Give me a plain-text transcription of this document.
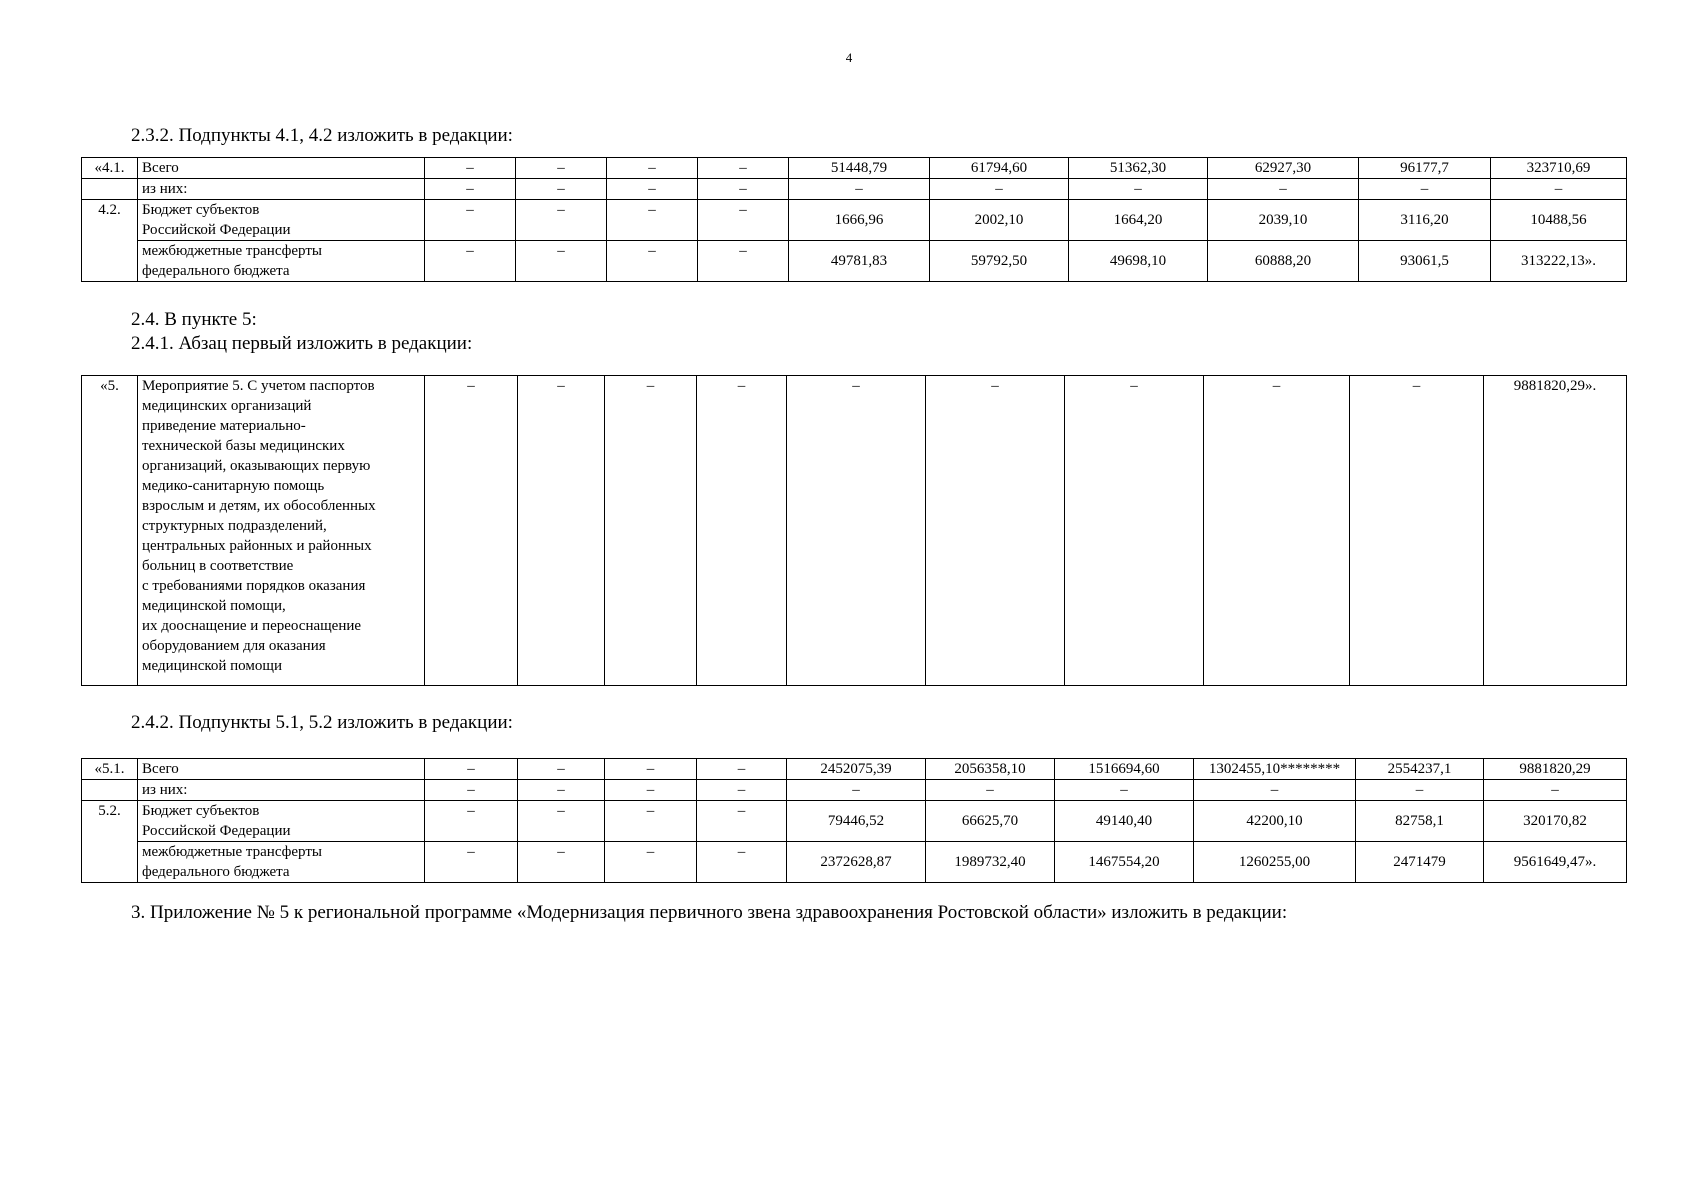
4
2.3.2. Подпункты 4.1, 4.2 изложить в редакции:
«4.1.	Всего	–	–	–	–	51448,79	61794,60	51362,30	62927,30	96177,7	323710,69
	из них:	–	–	–	–	–	–	–	–	–	–
4.2.	Бюджет субъектов
Российской Федерации	–	–	–	–	1666,96	2002,10	1664,20	2039,10	3116,20	10488,56
	межбюджетные трансферты
федерального бюджета	–	–	–	–	49781,83	59792,50	49698,10	60888,20	93061,5	313222,13».
2.4. В пункте 5:
2.4.1. Абзац первый изложить в редакции:
«5.	Мероприятие 5. С учетом паспортов
медицинских организаций
приведение материально-
технической базы медицинских
организаций, оказывающих первую
медико-санитарную помощь
взрослым и детям, их обособленных
структурных подразделений,
центральных районных и районных
больниц в соответствие
с требованиями порядков оказания
медицинской помощи,
их дооснащение и переоснащение
оборудованием для оказания
медицинской помощи	–	–	–	–	–	–	–	–	–	9881820,29».
2.4.2. Подпункты 5.1, 5.2 изложить в редакции:
«5.1.	Всего	–	–	–	–	2452075,39	2056358,10	1516694,60	1302455,10********	2554237,1	9881820,29
	из них:	–	–	–	–	–	–	–	–	–	–
5.2.	Бюджет субъектов
Российской Федерации	–	–	–	–	79446,52	66625,70	49140,40	42200,10	82758,1	320170,82
	межбюджетные трансферты
федерального бюджета	–	–	–	–	2372628,87	1989732,40	1467554,20	1260255,00	2471479	9561649,47».
3. Приложение № 5 к региональной программе «Модернизация первичного звена здравоохранения Ростовской области» изложить в редакции:
